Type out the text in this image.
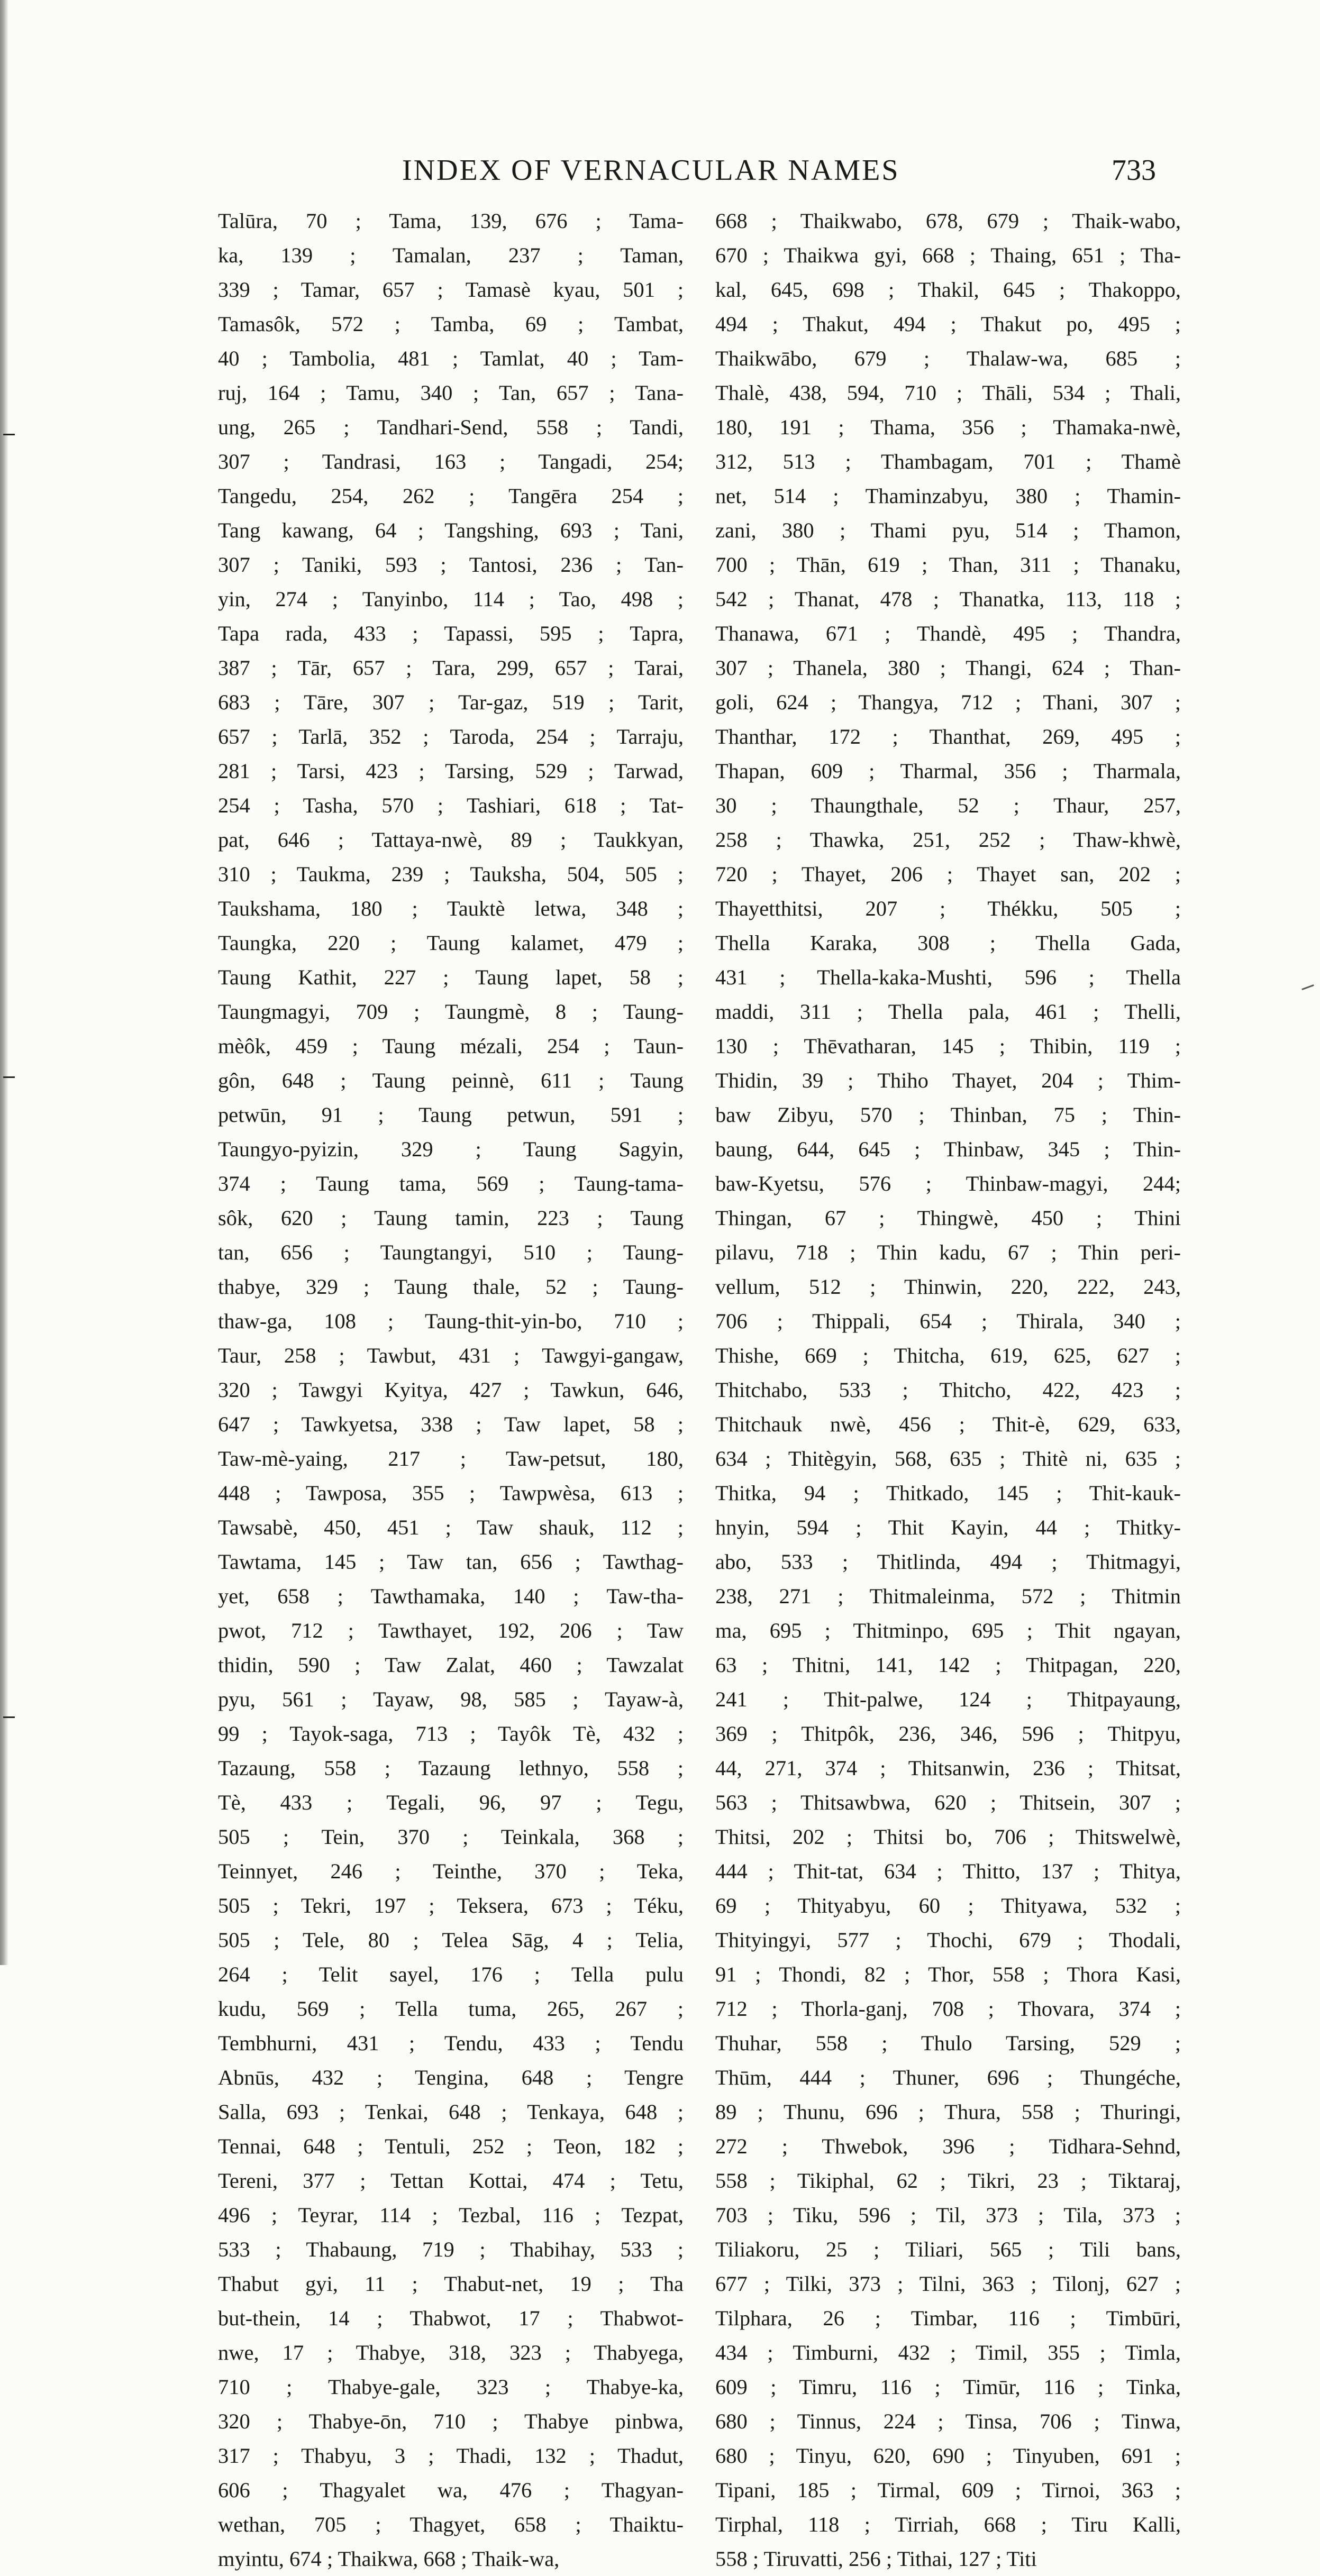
INDEX OF VERNACULAR NAMES	733
Talūra, 70 ; Tama, 139, 676 ; Tama-
ka, 139 ; Tamalan, 237 ; Taman,
339 ; Tamar, 657 ; Tamasè kyau, 501 ;
Tamasôk, 572 ; Tamba, 69 ; Tambat,
40 ; Tambolia, 481 ; Tamlat, 40 ; Tam-
ruj, 164 ; Tamu, 340 ; Tan, 657 ; Tana-
ung, 265 ; Tandhari-Send, 558 ; Tandi,
307 ; Tandrasi, 163 ; Tangadi, 254;
Tangedu, 254, 262 ; Tangēra 254 ;
Tang kawang, 64 ; Tangshing, 693 ; Tani,
307 ; Taniki, 593 ; Tantosi, 236 ; Tan-
yin, 274 ; Tanyinbo, 114 ; Tao, 498 ;
Tapa rada, 433 ; Tapassi, 595 ; Tapra,
387 ; Tār, 657 ; Tara, 299, 657 ; Tarai,
683 ; Tāre, 307 ; Tar-gaz, 519 ; Tarit,
657 ; Tarlā, 352 ; Taroda, 254 ; Tarraju,
281 ; Tarsi, 423 ; Tarsing, 529 ; Tarwad,
254 ; Tasha, 570 ; Tashiari, 618 ; Tat-
pat, 646 ; Tattaya-nwè, 89 ; Taukkyan,
310 ; Taukma, 239 ; Tauksha, 504, 505 ;
Taukshama, 180 ; Tauktè letwa, 348 ;
Taungka, 220 ; Taung kalamet, 479 ;
Taung Kathit, 227 ; Taung lapet, 58 ;
Taungmagyi, 709 ; Taungmè, 8 ; Taung-
mèôk, 459 ; Taung mézali, 254 ; Taun-
gôn, 648 ; Taung peinnè, 611 ; Taung
petwūn, 91 ; Taung petwun, 591 ;
Taungyo-pyizin, 329 ; Taung Sagyin,
374 ; Taung tama, 569 ; Taung-tama-
sôk, 620 ; Taung tamin, 223 ; Taung
tan, 656 ; Taungtangyi, 510 ; Taung-
thabye, 329 ; Taung thale, 52 ; Taung-
thaw-ga, 108 ; Taung-thit-yin-bo, 710 ;
Taur, 258 ; Tawbut, 431 ; Tawgyi-gangaw,
320 ; Tawgyi Kyitya, 427 ; Tawkun, 646,
647 ; Tawkyetsa, 338 ; Taw lapet, 58 ;
Taw-mè-yaing, 217 ; Taw-petsut, 180,
448 ; Tawposa, 355 ; Tawpwèsa, 613 ;
Tawsabè, 450, 451 ; Taw shauk, 112 ;
Tawtama, 145 ; Taw tan, 656 ; Tawthag-
yet, 658 ; Tawthamaka, 140 ; Taw-tha-
pwot, 712 ; Tawthayet, 192, 206 ; Taw
thidin, 590 ; Taw Zalat, 460 ; Tawzalat
pyu, 561 ; Tayaw, 98, 585 ; Tayaw-à,
99 ; Tayok-saga, 713 ; Tayôk Tè, 432 ;
Tazaung, 558 ; Tazaung lethnyo, 558 ;
Tè, 433 ; Tegali, 96, 97 ; Tegu,
505 ; Tein, 370 ; Teinkala, 368 ;
Teinnyet, 246 ; Teinthe, 370 ; Teka,
505 ; Tekri, 197 ; Teksera, 673 ; Téku,
505 ; Tele, 80 ; Telea Sāg, 4 ; Telia,
264 ; Telit sayel, 176 ; Tella pulu
kudu, 569 ; Tella tuma, 265, 267 ;
Tembhurni, 431 ; Tendu, 433 ; Tendu
Abnūs, 432 ; Tengina, 648 ; Tengre
Salla, 693 ; Tenkai, 648 ; Tenkaya, 648 ;
Tennai, 648 ; Tentuli, 252 ; Teon, 182 ;
Tereni, 377 ; Tettan Kottai, 474 ; Tetu,
496 ; Teyrar, 114 ; Tezbal, 116 ; Tezpat,
533 ; Thabaung, 719 ; Thabihay, 533 ;
Thabut gyi, 11 ; Thabut-net, 19 ; Tha
but-thein, 14 ; Thabwot, 17 ; Thabwot-
nwe, 17 ; Thabye, 318, 323 ; Thabyega,
710 ; Thabye-gale, 323 ; Thabye-ka,
320 ; Thabye-ōn, 710 ; Thabye pinbwa,
317 ; Thabyu, 3 ; Thadi, 132 ; Thadut,
606 ; Thagyalet wa, 476 ; Thagyan-
wethan, 705 ; Thagyet, 658 ; Thaiktu-
myintu, 674 ; Thaikwa, 668 ; Thaik-wa,
668 ; Thaikwabo, 678, 679 ; Thaik-wabo,
670 ; Thaikwa gyi, 668 ; Thaing, 651 ; Tha-
kal, 645, 698 ; Thakil, 645 ; Thakoppo,
494 ; Thakut, 494 ; Thakut po, 495 ;
Thaikwābo, 679 ; Thalaw-wa, 685 ;
Thalè, 438, 594, 710 ; Thāli, 534 ; Thali,
180, 191 ; Thama, 356 ; Thamaka-nwè,
312, 513 ; Thambagam, 701 ; Thamè
net, 514 ; Thaminzabyu, 380 ; Thamin-
zani, 380 ; Thami pyu, 514 ; Thamon,
700 ; Thān, 619 ; Than, 311 ; Thanaku,
542 ; Thanat, 478 ; Thanatka, 113, 118 ;
Thanawa, 671 ; Thandè, 495 ; Thandra,
307 ; Thanela, 380 ; Thangi, 624 ; Than-
goli, 624 ; Thangya, 712 ; Thani, 307 ;
Thanthar, 172 ; Thanthat, 269, 495 ;
Thapan, 609 ; Tharmal, 356 ; Tharmala,
30 ; Thaungthale, 52 ; Thaur, 257,
258 ; Thawka, 251, 252 ; Thaw-khwè,
720 ; Thayet, 206 ; Thayet san, 202 ;
Thayetthitsi, 207 ; Thékku, 505 ;
Thella Karaka, 308 ; Thella Gada,
431 ; Thella-kaka-Mushti, 596 ; Thella
maddi, 311 ; Thella pala, 461 ; Thelli,
130 ; Thēvatharan, 145 ; Thibin, 119 ;
Thidin, 39 ; Thiho Thayet, 204 ; Thim-
baw Zibyu, 570 ; Thinban, 75 ; Thin-
baung, 644, 645 ; Thinbaw, 345 ; Thin-
baw-Kyetsu, 576 ; Thinbaw-magyi, 244;
Thingan, 67 ; Thingwè, 450 ; Thini
pilavu, 718 ; Thin kadu, 67 ; Thin peri-
vellum, 512 ; Thinwin, 220, 222, 243,
706 ; Thippali, 654 ; Thirala, 340 ;
Thishe, 669 ; Thitcha, 619, 625, 627 ;
Thitchabo, 533 ; Thitcho, 422, 423 ;
Thitchauk nwè, 456 ; Thit-è, 629, 633,
634 ; Thitègyin, 568, 635 ; Thitè ni, 635 ;
Thitka, 94 ; Thitkado, 145 ; Thit-kauk-
hnyin, 594 ; Thit Kayin, 44 ; Thitky-
abo, 533 ; Thitlinda, 494 ; Thitmagyi,
238, 271 ; Thitmaleinma, 572 ; Thitmin
ma, 695 ; Thitminpo, 695 ; Thit ngayan,
63 ; Thitni, 141, 142 ; Thitpagan, 220,
241 ; Thit-palwe, 124 ; Thitpayaung,
369 ; Thitpôk, 236, 346, 596 ; Thitpyu,
44, 271, 374 ; Thitsanwin, 236 ; Thitsat,
563 ; Thitsawbwa, 620 ; Thitsein, 307 ;
Thitsi, 202 ; Thitsi bo, 706 ; Thitswelwè,
444 ; Thit-tat, 634 ; Thitto, 137 ; Thitya,
69 ; Thityabyu, 60 ; Thityawa, 532 ;
Thityingyi, 577 ; Thochi, 679 ; Thodali,
91 ; Thondi, 82 ; Thor, 558 ; Thora Kasi,
712 ; Thorla-ganj, 708 ; Thovara, 374 ;
Thuhar, 558 ; Thulo Tarsing, 529 ;
Thūm, 444 ; Thuner, 696 ; Thungéche,
89 ; Thunu, 696 ; Thura, 558 ; Thuringi,
272 ; Thwebok, 396 ; Tidhara-Sehnd,
558 ; Tikiphal, 62 ; Tikri, 23 ; Tiktaraj,
703 ; Tiku, 596 ; Til, 373 ; Tila, 373 ;
Tiliakoru, 25 ; Tiliari, 565 ; Tili bans,
677 ; Tilki, 373 ; Tilni, 363 ; Tilonj, 627 ;
Tilphara, 26 ; Timbar, 116 ; Timbūri,
434 ; Timburni, 432 ; Timil, 355 ; Timla,
609 ; Timru, 116 ; Timūr, 116 ; Tinka,
680 ; Tinnus, 224 ; Tinsa, 706 ; Tinwa,
680 ; Tinyu, 620, 690 ; Tinyuben, 691 ;
Tipani, 185 ; Tirmal, 609 ; Tirnoi, 363 ;
Tirphal, 118 ; Tirriah, 668 ; Tiru Kalli,
558 ; Tiruvatti, 256 ; Tithai, 127 ; Titi
